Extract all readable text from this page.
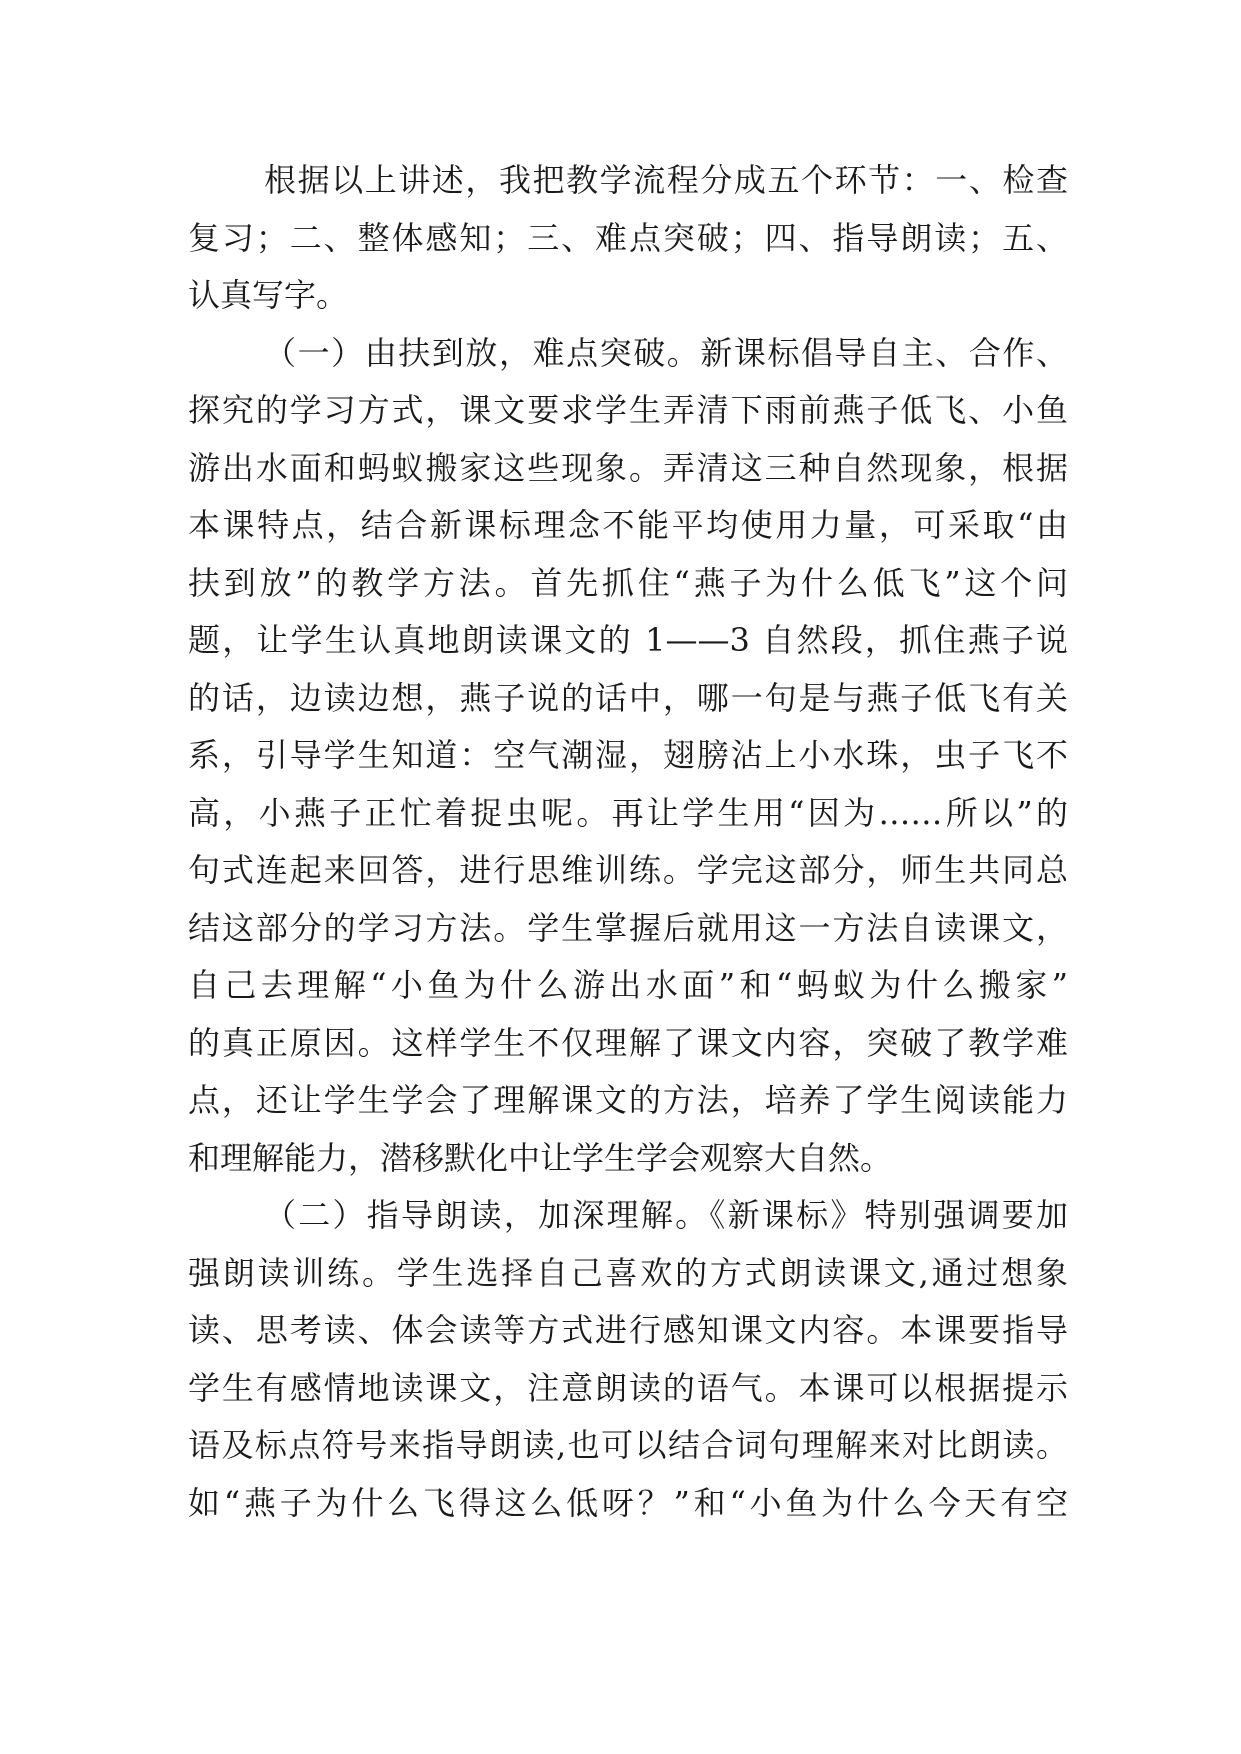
根据以上讲述，我把教学流程分成五个环节：一、检查
复习；二、整体感知；三、难点突破；四、指导朗读；五、
认真写字。
（一）由扶到放，难点突破。新课标倡导自主、合作、
探究的学习方式，课文要求学生弄清下雨前燕子低飞、小鱼
游出水面和蚂蚁搬家这些现象。弄清这三种自然现象，根据
本课特点，结合新课标理念不能平均使用力量，可采取“由
扶到放”的教学方法。首先抓住“燕子为什么低飞”这个问
题，让学生认真地朗读课文的 1——3 自然段，抓住燕子说
的话，边读边想，燕子说的话中，哪一句是与燕子低飞有关
系，引导学生知道：空气潮湿，翅膀沾上小水珠，虫子飞不
高，小燕子正忙着捉虫呢。再让学生用“因为……所以”的
句式连起来回答，进行思维训练。学完这部分，师生共同总
结这部分的学习方法。学生掌握后就用这一方法自读课文，
自己去理解“小鱼为什么游出水面”和“蚂蚁为什么搬家”
的真正原因。这样学生不仅理解了课文内容，突破了教学难
点，还让学生学会了理解课文的方法，培养了学生阅读能力
和理解能力，潜移默化中让学生学会观察大自然。
（二）指导朗读，加深理解。《新课标》特别强调要加
强朗读训练。学生选择自己喜欢的方式朗读课文,通过想象
读、思考读、体会读等方式进行感知课文内容。本课要指导
学生有感情地读课文，注意朗读的语气。本课可以根据提示
语及标点符号来指导朗读,也可以结合词句理解来对比朗读。
如“燕子为什么飞得这么低呀？”和“小鱼为什么今天有空
